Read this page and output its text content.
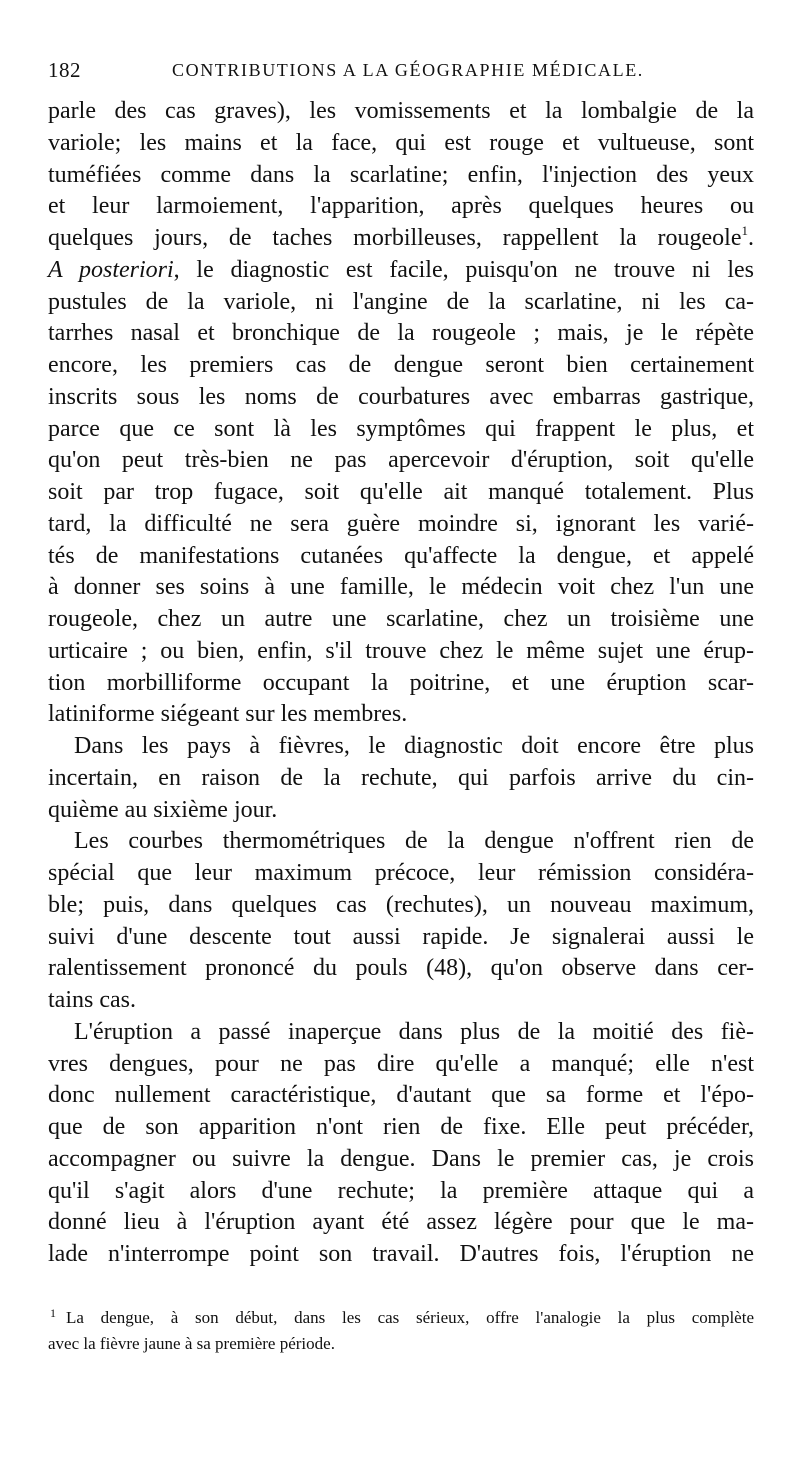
182	CONTRIBUTIONS A LA GÉOGRAPHIE MÉDICALE.
parle des cas graves), les vomissements et la lombalgie de la
variole; les mains et la face, qui est rouge et vultueuse, sont
tuméfiées comme dans la scarlatine; enfin, l'injection des yeux
et leur larmoiement, l'apparition, après quelques heures ou
quelques jours, de taches morbilleuses, rappellent la rougeole$^1$.
A posteriori, le diagnostic est facile, puisqu'on ne trouve ni les
pustules de la variole, ni l'angine de la scarlatine, ni les ca-
tarrhes nasal et bronchique de la rougeole ; mais, je le répète
encore, les premiers cas de dengue seront bien certainement
inscrits sous les noms de courbatures avec embarras gastrique,
parce que ce sont là les symptômes qui frappent le plus, et
qu'on peut très-bien ne pas apercevoir d'éruption, soit qu'elle
soit par trop fugace, soit qu'elle ait manqué totalement. Plus
tard, la difficulté ne sera guère moindre si, ignorant les varié-
tés de manifestations cutanées qu'affecte la dengue, et appelé
à donner ses soins à une famille, le médecin voit chez l'un une
rougeole, chez un autre une scarlatine, chez un troisième une
urticaire ; ou bien, enfin, s'il trouve chez le même sujet une érup-
tion morbilliforme occupant la poitrine, et une éruption scar-
latiniforme siégeant sur les membres.
Dans les pays à fièvres, le diagnostic doit encore être plus
incertain, en raison de la rechute, qui parfois arrive du cin-
quième au sixième jour.
Les courbes thermométriques de la dengue n'offrent rien de
spécial que leur maximum précoce, leur rémission considéra-
ble; puis, dans quelques cas (rechutes), un nouveau maximum,
suivi d'une descente tout aussi rapide. Je signalerai aussi le
ralentissement prononcé du pouls (48), qu'on observe dans cer-
tains cas.
L'éruption a passé inaperçue dans plus de la moitié des fiè-
vres dengues, pour ne pas dire qu'elle a manqué; elle n'est
donc nullement caractéristique, d'autant que sa forme et l'épo-
que de son apparition n'ont rien de fixe. Elle peut précéder,
accompagner ou suivre la dengue. Dans le premier cas, je crois
qu'il s'agit alors d'une rechute; la première attaque qui a
donné lieu à l'éruption ayant été assez légère pour que le ma-
lade n'interrompe point son travail. D'autres fois, l'éruption ne
$^1$ La dengue, à son début, dans les cas sérieux, offre l'analogie la plus complète
avec la fièvre jaune à sa première période.
